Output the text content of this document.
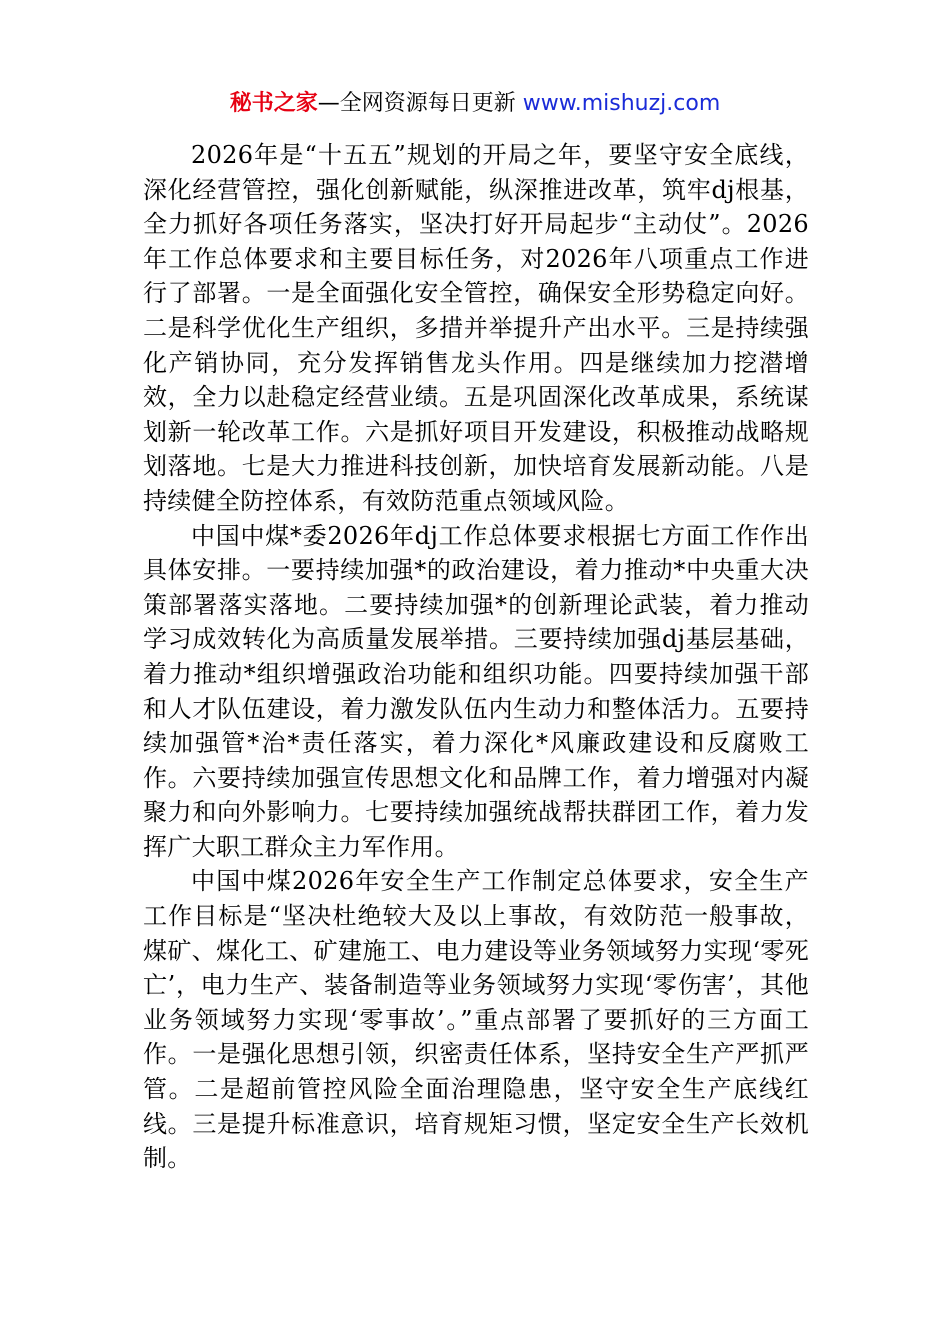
秘书之家—全网资源每日更新 www.mishuzj.com

2026年是“十五五”规划的开局之年，要坚守安全底线，深化经营管控，强化创新赋能，纵深推进改革，筑牢dj根基，全力抓好各项任务落实，坚决打好开局起步“主动仗”。2026年工作总体要求和主要目标任务，对2026年八项重点工作进行了部署。一是全面强化安全管控，确保安全形势稳定向好。二是科学优化生产组织，多措并举提升产出水平。三是持续强化产销协同，充分发挥销售龙头作用。四是继续加力挖潜增效，全力以赴稳定经营业绩。五是巩固深化改革成果，系统谋划新一轮改革工作。六是抓好项目开发建设，积极推动战略规划落地。七是大力推进科技创新，加快培育发展新动能。八是持续健全防控体系，有效防范重点领域风险。

中国中煤*委2026年dj工作总体要求根据七方面工作作出具体安排。一要持续加强*的政治建设，着力推动*中央重大决策部署落实落地。二要持续加强*的创新理论武装，着力推动学习成效转化为高质量发展举措。三要持续加强dj基层基础，着力推动*组织增强政治功能和组织功能。四要持续加强干部和人才队伍建设，着力激发队伍内生动力和整体活力。五要持续加强管*治*责任落实，着力深化*风廉政建设和反腐败工作。六要持续加强宣传思想文化和品牌工作，着力增强对内凝聚力和向外影响力。七要持续加强统战帮扶群团工作，着力发挥广大职工群众主力军作用。

中国中煤2026年安全生产工作制定总体要求，安全生产工作目标是“坚决杜绝较大及以上事故，有效防范一般事故，煤矿、煤化工、矿建施工、电力建设等业务领域努力实现‘零死亡’，电力生产、装备制造等业务领域努力实现‘零伤害’，其他业务领域努力实现‘零事故’。”重点部署了要抓好的三方面工作。一是强化思想引领，织密责任体系，坚持安全生产严抓严管。二是超前管控风险全面治理隐患，坚守安全生产底线红线。三是提升标准意识，培育规矩习惯，坚定安全生产长效机制。
